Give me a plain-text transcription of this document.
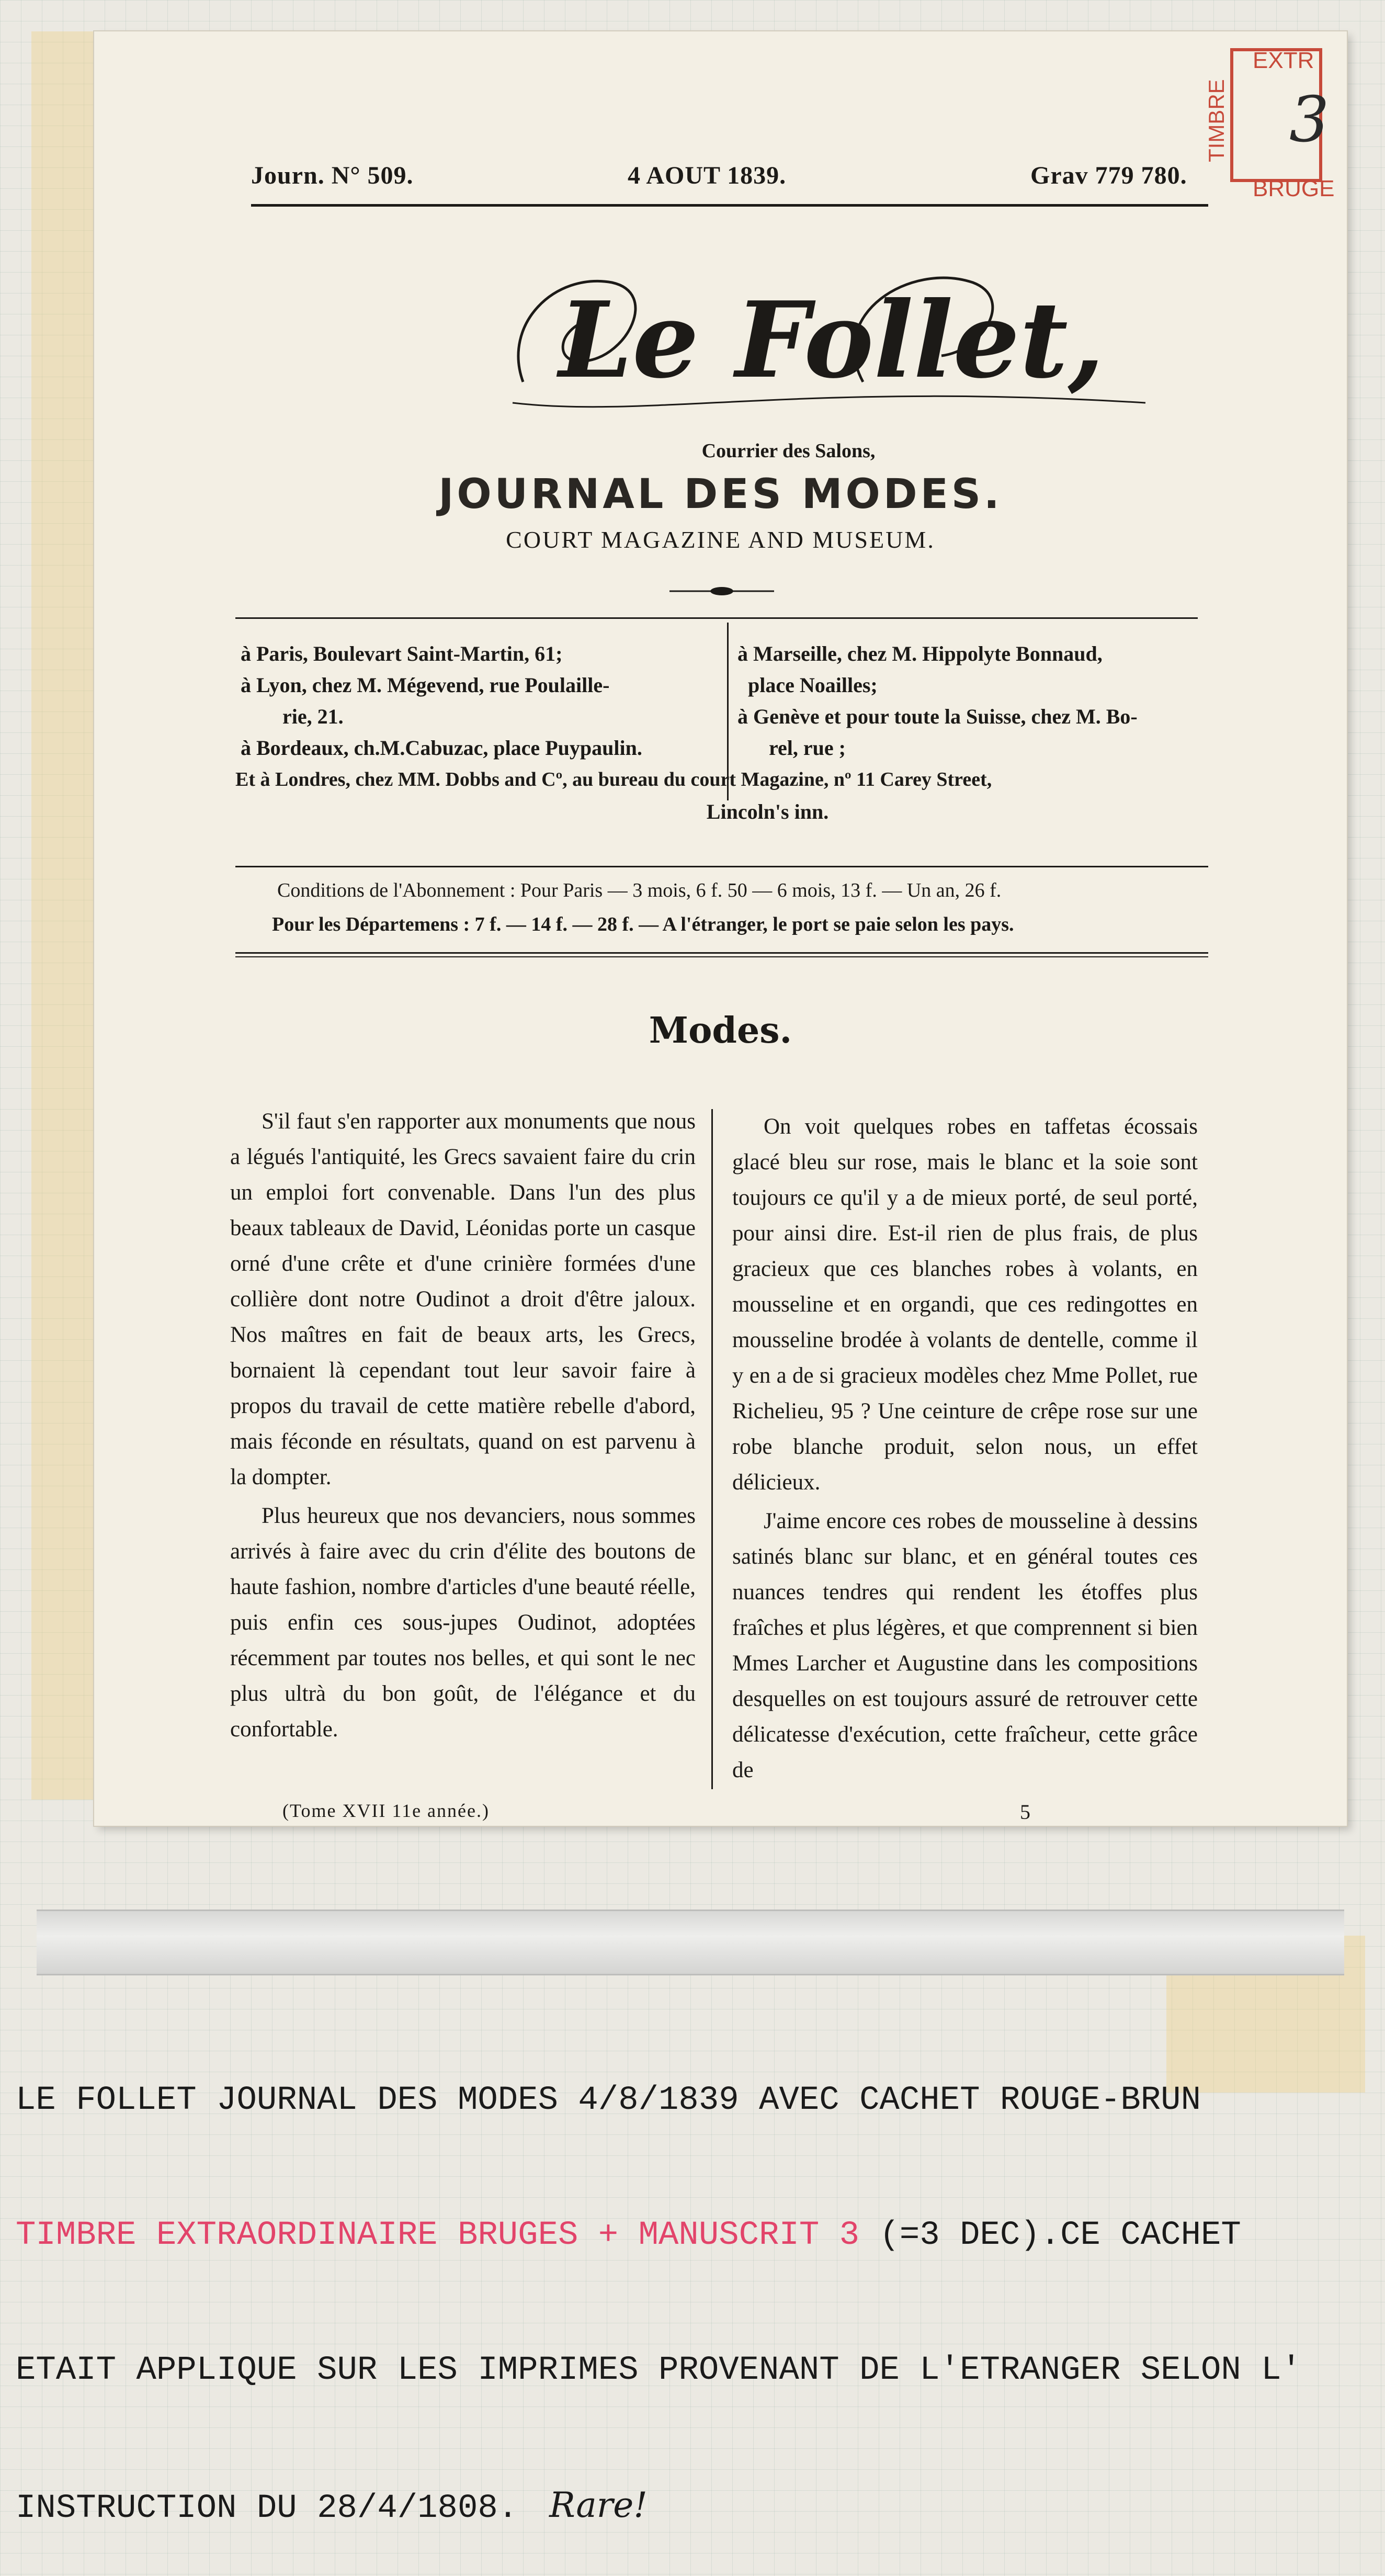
Journ. N° 509.	4 AOUT 1839.	Grav 779 780.
Le Follet,
Courrier des Salons,
JOURNAL DES MODES.
COURT MAGAZINE AND MUSEUM.
à Paris, Boulevart Saint-Martin, 61;
à Lyon, chez M. Mégevend, rue Poulaille-
rie, 21.
à Bordeaux, ch.M.Cabuzac, place Puypaulin.
à Marseille, chez M. Hippolyte Bonnaud,
place Noailles;
à Genève et pour toute la Suisse, chez M. Bo-
rel, rue ;
Et à Londres, chez MM. Dobbs and Cº, au bureau du court Magazine, nº 11 Carey Street,
Lincoln's inn.
Conditions de l'Abonnement : Pour Paris — 3 mois, 6 f. 50 — 6 mois, 13 f. — Un an, 26 f.
Pour les Départemens : 7 f. — 14 f. — 28 f. — A l'étranger, le port se paie selon les pays.
Modes.

S'il faut s'en rapporter aux monuments que nous a légués l'antiquité, les Grecs savaient faire du crin un emploi fort convenable. Dans l'un des plus beaux tableaux de David, Léonidas porte un casque orné d'une crête et d'une crinière formées d'une collière dont notre Oudinot a droit d'être jaloux. Nos maîtres en fait de beaux arts, les Grecs, bornaient là cependant tout leur savoir faire à propos du travail de cette matière rebelle d'abord, mais féconde en résultats, quand on est parvenu à la dompter.

Plus heureux que nos devanciers, nous sommes arrivés à faire avec du crin d'élite des boutons de haute fashion, nombre d'articles d'une beauté réelle, puis enfin ces sous-jupes Oudinot, adoptées récemment par toutes nos belles, et qui sont le nec plus ultrà du bon goût, de l'élégance et du confortable.

On voit quelques robes en taffetas écossais glacé bleu sur rose, mais le blanc et la soie sont toujours ce qu'il y a de mieux porté, de seul porté, pour ainsi dire. Est-il rien de plus frais, de plus gracieux que ces blanches robes à volants, en mousseline et en organdi, que ces redingottes en mousseline brodée à volants de dentelle, comme il y en a de si gracieux modèles chez Mme Pollet, rue Richelieu, 95 ? Une ceinture de crêpe rose sur une robe blanche produit, selon nous, un effet délicieux.

J'aime encore ces robes de mousseline à dessins satinés blanc sur blanc, et en général toutes ces nuances tendres qui rendent les étoffes plus fraîches et plus légères, et que comprennent si bien Mmes Larcher et Augustine dans les compositions desquelles on est toujours assuré de retrouver cette délicatesse d'exécution, cette fraîcheur, cette grâce de

(Tome XVII 11e année.)	5
EXTR
TIMBRE
BRUGE
3

LE FOLLET JOURNAL DES MODES 4/8/1839 AVEC CACHET ROUGE-BRUN

TIMBRE EXTRAORDINAIRE BRUGES + MANUSCRIT 3 (=3 DEC).CE CACHET

ETAIT APPLIQUE SUR LES IMPRIMES PROVENANT DE L'ETRANGER SELON L'

INSTRUCTION DU 28/4/1808. Rare!
